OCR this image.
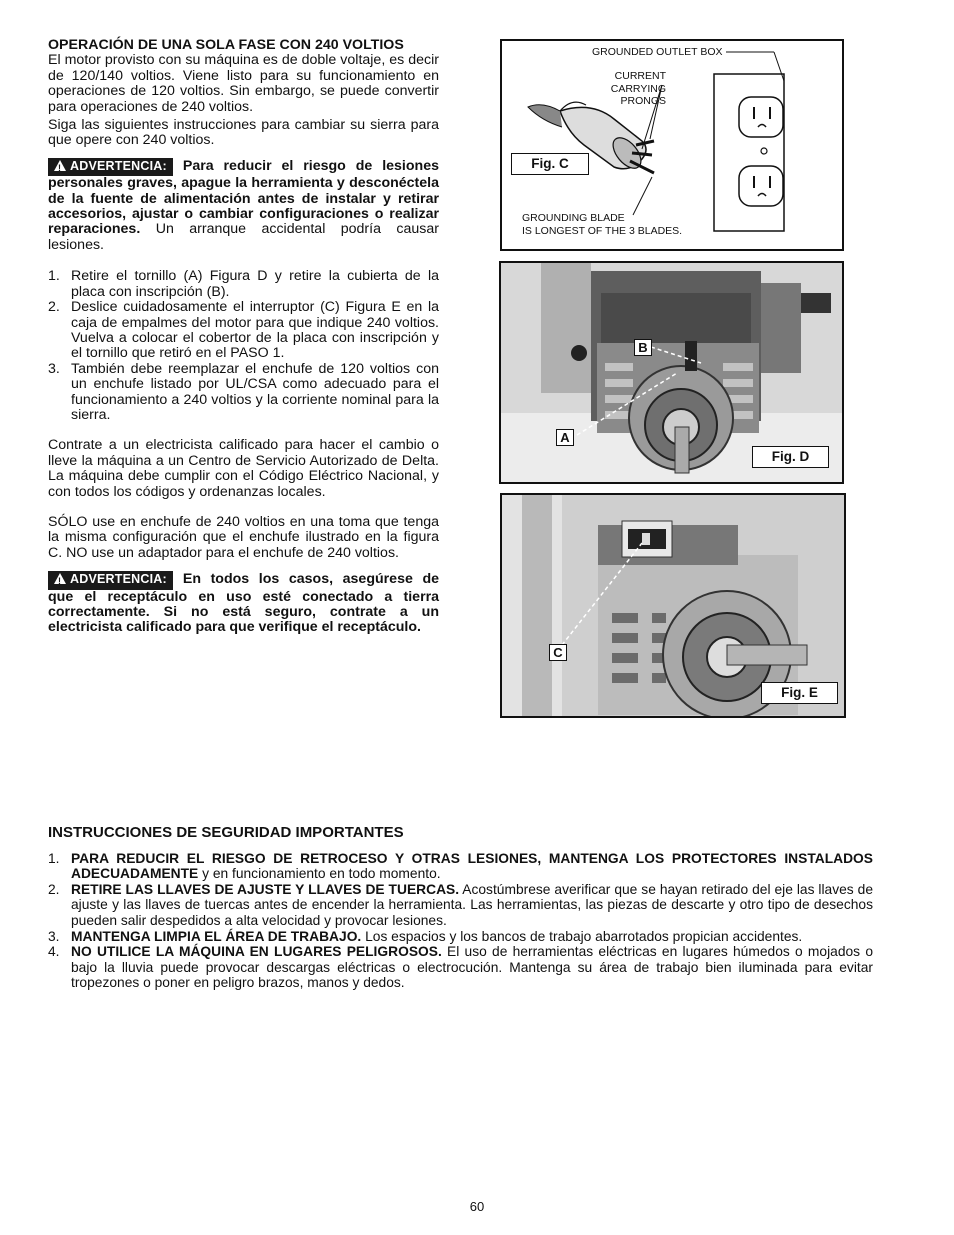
OPERACIÓN DE UNA SOLA FASE CON 240 VOLTIOS
El motor provisto con su máquina es de doble voltaje, es decir de 120/140 voltios. Viene listo para su funcionamiento en operaciones de 120 voltios. Sin embargo, se puede convertir para operaciones de 240 voltios.
Siga las siguientes instrucciones para cambiar su sierra para que opere con 240 voltios.
!ADVERTENCIA: Para reducir el riesgo de lesiones personales graves, apague la herramienta y desconéctela de la fuente de alimentación antes de instalar y retirar accesorios, ajustar o cambiar configuraciones o realizar reparaciones. Un arranque accidental podría causar lesiones.
1. Retire el tornillo (A) Figura D y retire la cubierta de la placa con inscripción (B).
2. Deslice cuidadosamente el interruptor (C) Figura E en la caja de empalmes del motor para que indique 240 voltios. Vuelva a colocar el cobertor de la placa con inscripción y el tornillo que retiró en el PASO 1.
3. También debe reemplazar el enchufe de 120 voltios con un enchufe listado por UL/CSA como adecuado para el funcionamiento a 240 voltios y la corriente nominal para la sierra.
Contrate a un electricista calificado para hacer el cambio o lleve la máquina a un Centro de Servicio Autorizado de Delta. La máquina debe cumplir con el Código Eléctrico Nacional, y con todos los códigos y ordenanzas locales.
SÓLO use en enchufe de 240 voltios en una toma que tenga la misma configuración que el enchufe ilustrado en la figura C. NO use un adaptador para el enchufe de 240 voltios.
!ADVERTENCIA: En todos los casos, asegúrese de que el receptáculo en uso esté conectado a tierra correctamente. Si no está seguro, contrate a un electricista calificado para que verifique el receptáculo.
GROUNDED OUTLET BOX
CURRENT
CARRYING
PRONGS
GROUNDING BLADE
IS LONGEST OF THE 3 BLADES.
Fig. C
B
A
Fig. D
C
Fig. E
INSTRUCCIONES DE SEGURIDAD IMPORTANTES
1. PARA REDUCIR EL RIESGO DE RETROCESO Y OTRAS LESIONES, MANTENGA LOS PROTECTORES INSTALADOS ADECUADAMENTE y en funcionamiento en todo momento.
2. RETIRE LAS LLAVES DE AJUSTE Y LLAVES DE TUERCAS. Acostúmbrese averificar que se hayan retirado del eje las llaves de ajuste y las llaves de tuercas antes de encender la herramienta. Las herramientas, las piezas de descarte y otro tipo de desechos pueden salir despedidos a alta velocidad y provocar lesiones.
3. MANTENGA LIMPIA EL ÁREA DE TRABAJO. Los espacios y los bancos de trabajo abarrotados propician accidentes.
4. NO UTILICE LA MÁQUINA EN LUGARES PELIGROSOS. El uso de herramientas eléctricas en lugares húmedos o mojados o bajo la lluvia puede provocar descargas eléctricas o electrocución. Mantenga su área de trabajo bien iluminada para evitar tropezones o poner en peligro brazos, manos y dedos.
60
